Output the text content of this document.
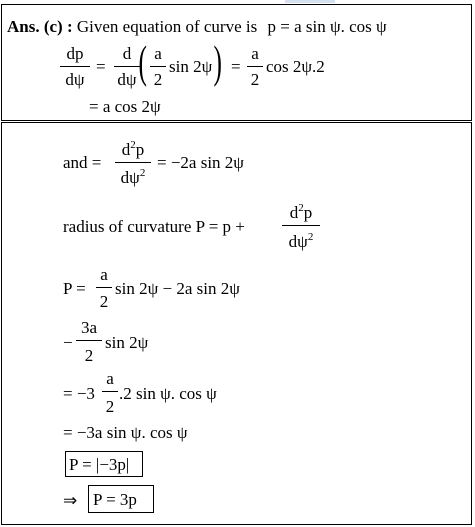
Ans. (c) : Given equation of curve is p = a sin ψ. cos ψ
dp
dψ
=
d
dψ ( a
2
sin 2ψ ) =
a
2
cos 2ψ.2
= a cos 2ψ
and =
$d^2p$
$d\psi^2$
= −2a sin 2ψ
radius of curvature P = p +
$d^2p$
$d\psi^2$
P =
a
2
sin 2ψ − 2a sin 2ψ
−
3a
2
sin 2ψ
= −3
a
2
.2 sin ψ. cos ψ
= −3a sin ψ. cos ψ
P = |−3p|
⇒ P = 3p
